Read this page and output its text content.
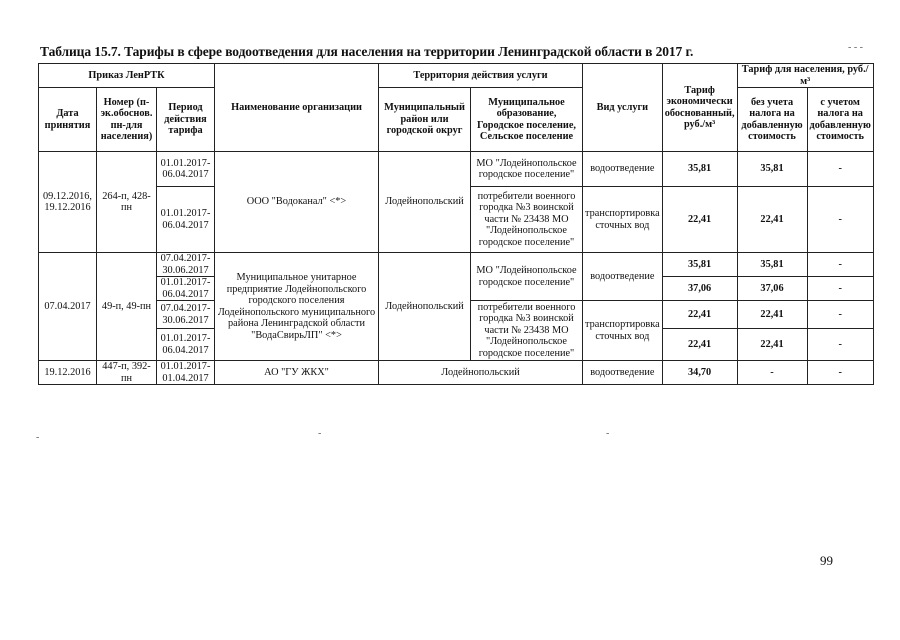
Таблица 15.7. Тарифы в сфере водоотведения для населения на территории Ленинградской области в 2017 г.
Приказ ЛенРТК			Наименование организации	Территория действия услуги		Вид услуги	Тариф экономически обоснованный, руб./м³	Тариф для населения, руб./м³	
Дата принятия	Номер (п-эк.обоснов. пн-для населения)	Период действия тарифа		Муниципальный район или городской округ	Муниципальное образование, Городское поселение, Сельское поселение			без учета налога на добавленную стоимость	с учетом налога на добавленную стоимость
09.12.2016, 19.12.2016	264-п, 428-пн	01.01.2017-06.04.2017	ООО "Водоканал" <*>	Лодейнопольский	МО "Лодейнопольское городское поселение"	водоотведение	35,81	35,81	-
		01.01.2017-06.04.2017			потребители военного городка №3 воинской части № 23438 МО "Лодейнопольское городское поселение"	транспортировка сточных вод	22,41	22,41	-
07.04.2017	49-п, 49-пн	07.04.2017-30.06.2017	Муниципальное унитарное предприятие Лодейнопольского городского поселения Лодейнопольского муниципального района Ленинградской области "ВодаСвирьЛП" <*>	Лодейнопольский	МО "Лодейнопольское городское поселение"	водоотведение	35,81	35,81	-
		01.01.2017-06.04.2017					37,06	37,06	-
		07.04.2017-30.06.2017			потребители военного городка №3 воинской части № 23438 МО "Лодейнопольское городское поселение"	транспортировка сточных вод	22,41	22,41	-
		01.01.2017-06.04.2017					22,41	22,41	-
19.12.2016	447-п, 392-пн	01.01.2017-01.04.2017	АО "ГУ ЖКХ"	Лодейнопольский		водоотведение	34,70	-	-
99
- - -
-	-	-
